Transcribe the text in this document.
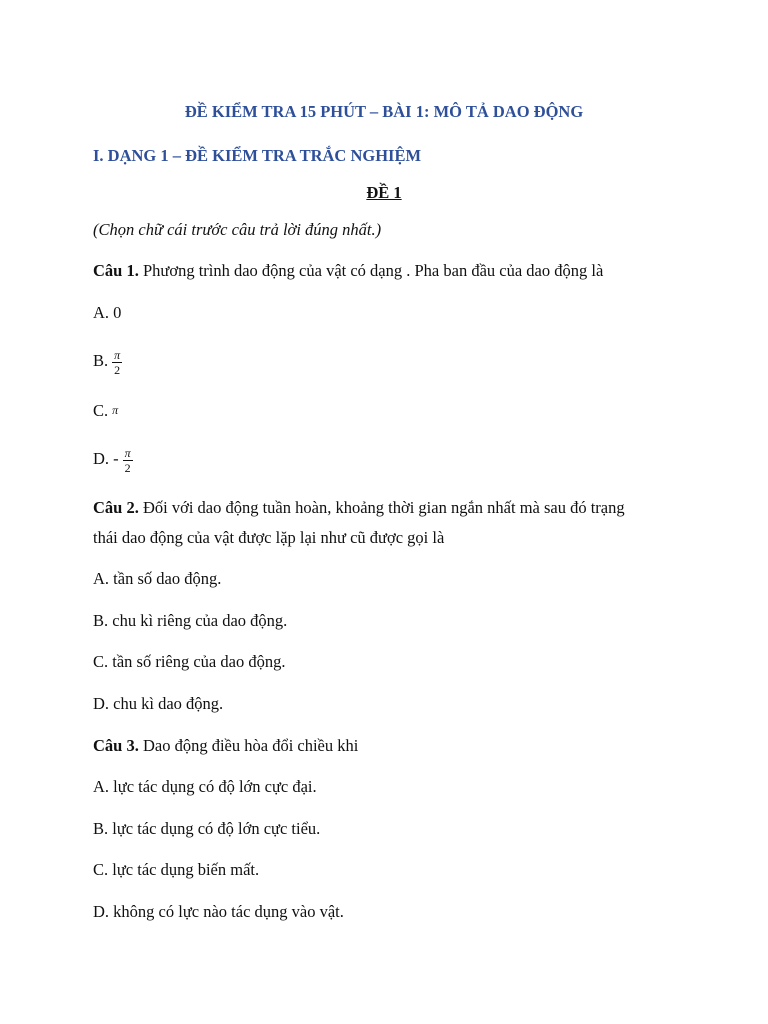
ĐỀ KIỂM TRA 15 PHÚT – BÀI 1: MÔ TẢ DAO ĐỘNG
I. DẠNG 1 – ĐỀ KIỂM TRA TRẮC NGHIỆM
ĐỀ 1
(Chọn chữ cái trước câu trả lời đúng nhất.)
Câu 1. Phương trình dao động của vật có dạng . Pha ban đầu của dao động là
A. 0
B. $\frac{\pi}{2}$
C. π
D. - $\frac{\pi}{2}$
Câu 2. Đối với dao động tuần hoàn, khoảng thời gian ngắn nhất mà sau đó trạng
thái dao động của vật được lặp lại như cũ được gọi là
A. tần số dao động.
B. chu kì riêng của dao động.
C. tần số riêng của dao động.
D. chu kì dao động.
Câu 3. Dao động điều hòa đổi chiều khi
A. lực tác dụng có độ lớn cực đại.
B. lực tác dụng có độ lớn cực tiểu.
C. lực tác dụng biến mất.
D. không có lực nào tác dụng vào vật.
